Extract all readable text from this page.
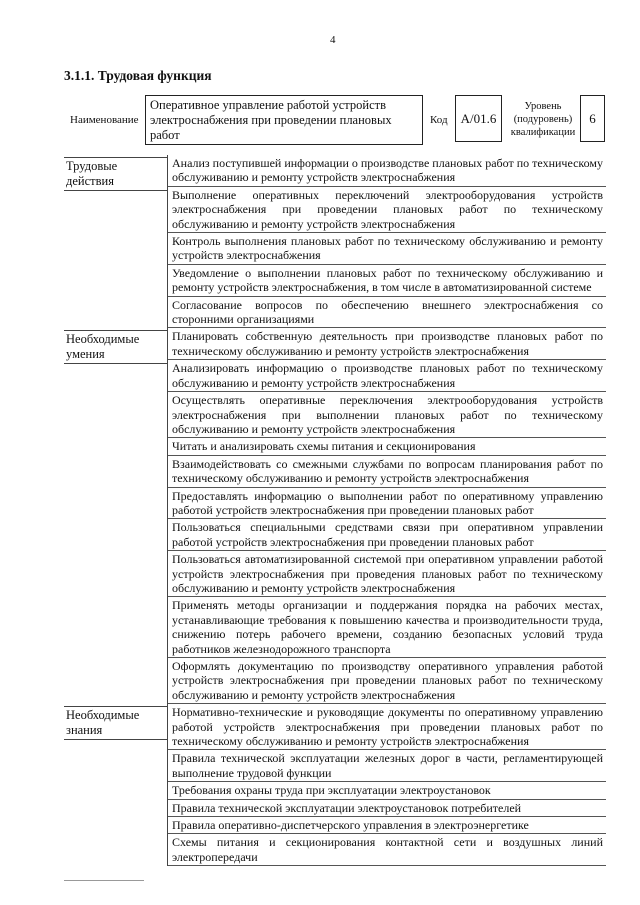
4
3.1.1. Трудовая функция
Наименование
Оперативное управление работой устройств электроснабжения при проведении плановых работ
Код	А/01.6
Уровень (подуровень) квалификации
6
Трудовые действия
Анализ поступившей информации о производстве плановых работ по техническому обслуживанию и ремонту устройств электроснабжения
Выполнение оперативных переключений электрооборудования устройств электроснабжения при проведении плановых работ по техническому обслуживанию и ремонту устройств электроснабжения
Контроль выполнения плановых работ по техническому обслуживанию и ремонту устройств электроснабжения
Уведомление о выполнении плановых работ по техническому обслуживанию и ремонту устройств электроснабжения, в том числе в автоматизированной системе
Согласование вопросов по обеспечению внешнего электроснабжения со сторонними организациями
Необходимые умения
Планировать собственную деятельность при производстве плановых работ по техническому обслуживанию и ремонту устройств электроснабжения
Анализировать информацию о производстве плановых работ по техническому обслуживанию и ремонту устройств электроснабжения
Осуществлять оперативные переключения электрооборудования устройств электроснабжения при выполнении плановых работ по техническому обслуживанию и ремонту устройств электроснабжения
Читать и анализировать схемы питания и секционирования
Взаимодействовать со смежными службами по вопросам планирования работ по техническому обслуживанию и ремонту устройств электроснабжения
Предоставлять информацию о выполнении работ по оперативному управлению работой устройств электроснабжения при проведении плановых работ
Пользоваться специальными средствами связи при оперативном управлении работой устройств электроснабжения при проведении плановых работ
Пользоваться автоматизированной системой при оперативном управлении работой устройств электроснабжения при проведения плановых работ по техническому обслуживанию и ремонту устройств электроснабжения
Применять методы организации и поддержания порядка на рабочих местах, устанавливающие требования к повышению качества и производительности труда, снижению потерь рабочего времени, созданию безопасных условий труда работников железнодорожного транспорта
Оформлять документацию по производству оперативного управления работой устройств электроснабжения при проведении плановых работ по техническому обслуживанию и ремонту устройств электроснабжения
Необходимые знания
Нормативно-технические и руководящие документы по оперативному управлению работой устройств электроснабжения при проведении плановых работ по техническому обслуживанию и ремонту устройств электроснабжения
Правила технической эксплуатации железных дорог в части, регламентирующей выполнение трудовой функции
Требования охраны труда при эксплуатации электроустановок
Правила технической эксплуатации электроустановок потребителей
Правила оперативно-диспетчерского управления в электроэнергетике
Схемы питания и секционирования контактной сети и воздушных линий электропередачи
